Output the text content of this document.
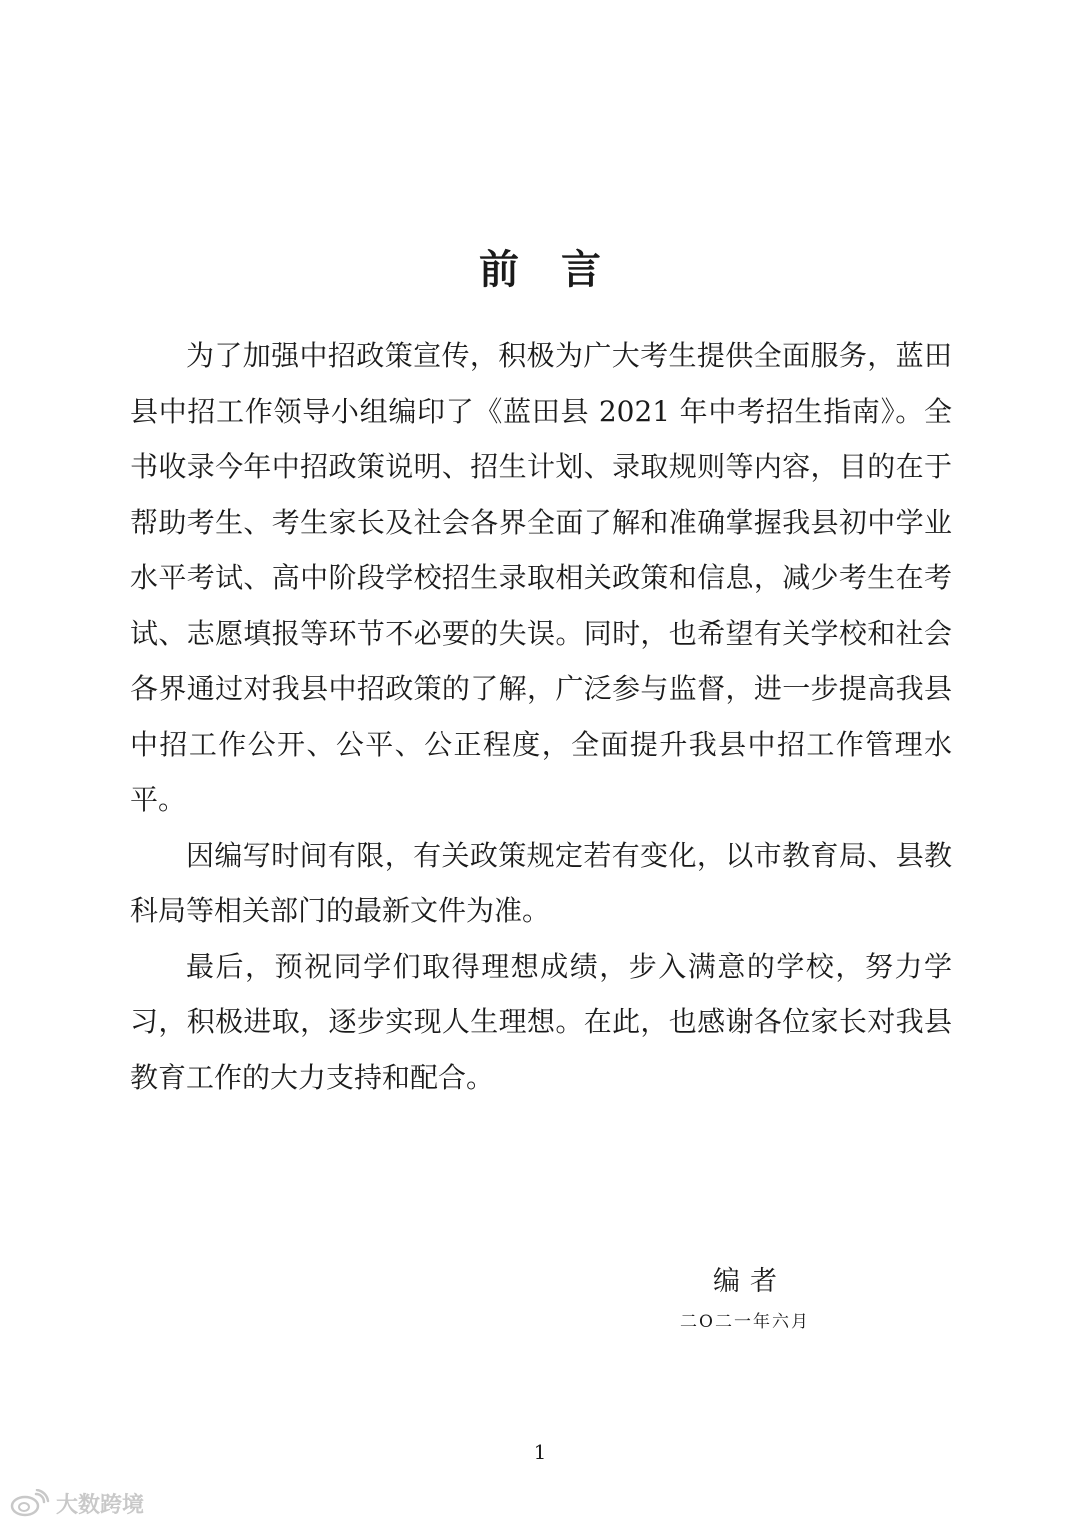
前言

为了加强中招政策宣传，积极为广大考生提供全面服务，蓝田县中招工作领导小组编印了《蓝田县 2021 年中考招生指南》。全书收录今年中招政策说明、招生计划、录取规则等内容，目的在于帮助考生、考生家长及社会各界全面了解和准确掌握我县初中学业水平考试、高中阶段学校招生录取相关政策和信息，减少考生在考试、志愿填报等环节不必要的失误。同时，也希望有关学校和社会各界通过对我县中招政策的了解，广泛参与监督，进一步提高我县中招工作公开、公平、公正程度，全面提升我县中招工作管理水平。

因编写时间有限，有关政策规定若有变化，以市教育局、县教科局等相关部门的最新文件为准。

最后，预祝同学们取得理想成绩，步入满意的学校，努力学习，积极进取，逐步实现人生理想。在此，也感谢各位家长对我县教育工作的大力支持和配合。

编者
二O二一年六月
1
大数跨境
